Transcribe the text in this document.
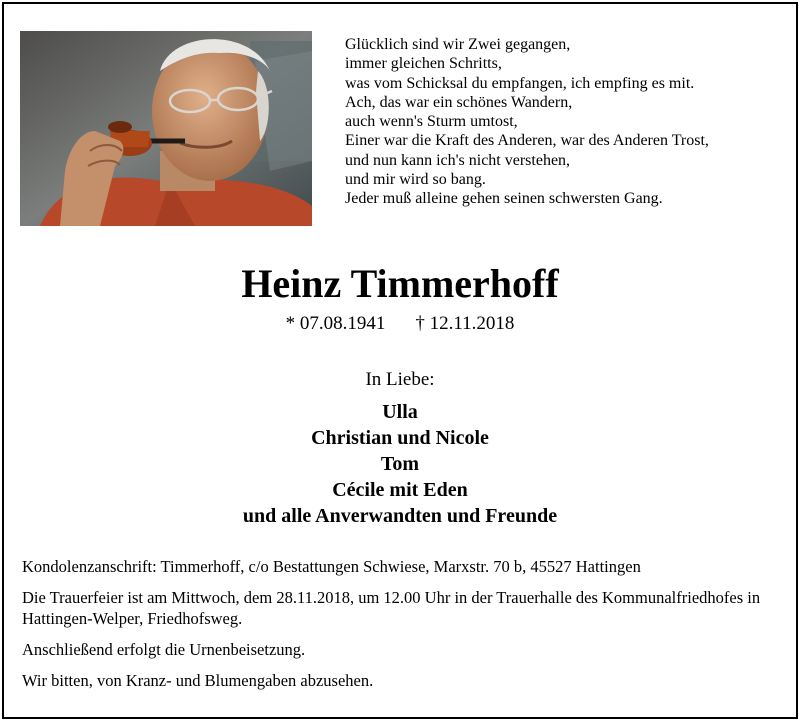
Glücklich sind wir Zwei gegangen,
immer gleichen Schritts,
was vom Schicksal du empfangen, ich empfing es mit.
Ach, das war ein schönes Wandern,
auch wenn's Sturm umtost,
Einer war die Kraft des Anderen, war des Anderen Trost,
und nun kann ich's nicht verstehen,
und mir wird so bang.
Jeder muß alleine gehen seinen schwersten Gang.
Heinz Timmerhoff
* 07.08.1941 † 12.11.2018
In Liebe:
Ulla
Christian und Nicole
Tom
Cécile mit Eden
und alle Anverwandten und Freunde

Kondolenzanschrift: Timmerhoff, c/o Bestattungen Schwiese, Marxstr. 70 b, 45527 Hattingen

Die Trauerfeier ist am Mittwoch, dem 28.11.2018, um 12.00 Uhr in der Trauerhalle des Kommunalfriedhofes in Hattingen-Welper, Friedhofsweg.

Anschließend erfolgt die Urnenbeisetzung.

Wir bitten, von Kranz- und Blumengaben abzusehen.
